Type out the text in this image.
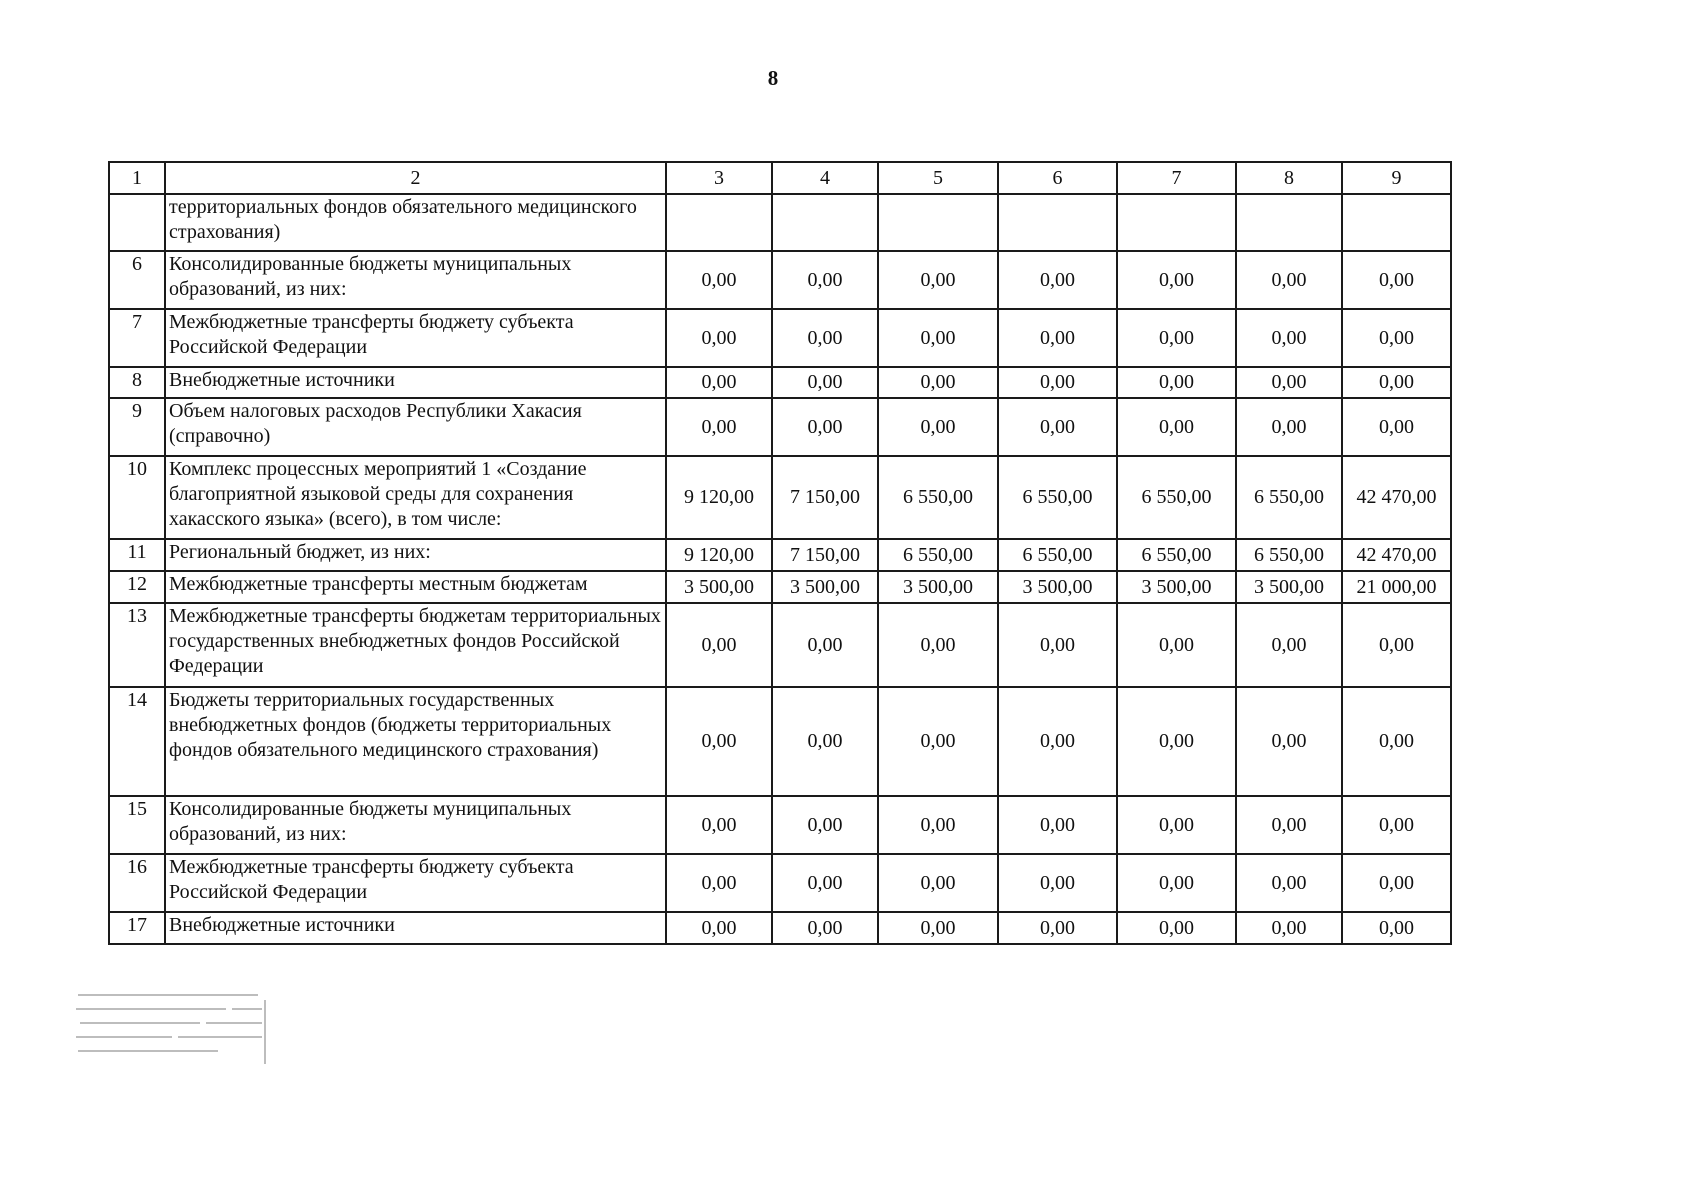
8
1	2	3	4	5	6	7	8	9
	территориальных фондов обязательного медицинского страхования)							
6	Консолидированные бюджеты муниципальных образований, из них:	0,00	0,00	0,00	0,00	0,00	0,00	0,00
7	Межбюджетные трансферты бюджету субъекта Российской Федерации	0,00	0,00	0,00	0,00	0,00	0,00	0,00
8	Внебюджетные источники	0,00	0,00	0,00	0,00	0,00	0,00	0,00
9	Объем налоговых расходов Республики Хакасия (справочно)	0,00	0,00	0,00	0,00	0,00	0,00	0,00
10	Комплекс процессных мероприятий 1 «Создание благоприятной языковой среды для сохранения хакасского языка» (всего), в том числе:	9 120,00	7 150,00	6 550,00	6 550,00	6 550,00	6 550,00	42 470,00
11	Региональный бюджет, из них:	9 120,00	7 150,00	6 550,00	6 550,00	6 550,00	6 550,00	42 470,00
12	Межбюджетные трансферты местным бюджетам	3 500,00	3 500,00	3 500,00	3 500,00	3 500,00	3 500,00	21 000,00
13	Межбюджетные трансферты бюджетам территориальных государственных внебюджетных фондов Российской Федерации	0,00	0,00	0,00	0,00	0,00	0,00	0,00
14	Бюджеты территориальных государственных внебюджетных фондов (бюджеты территориальных фондов обязательного медицинского страхования)	0,00	0,00	0,00	0,00	0,00	0,00	0,00
15	Консолидированные бюджеты муниципальных образований, из них:	0,00	0,00	0,00	0,00	0,00	0,00	0,00
16	Межбюджетные трансферты бюджету субъекта Российской Федерации	0,00	0,00	0,00	0,00	0,00	0,00	0,00
17	Внебюджетные источники	0,00	0,00	0,00	0,00	0,00	0,00	0,00
